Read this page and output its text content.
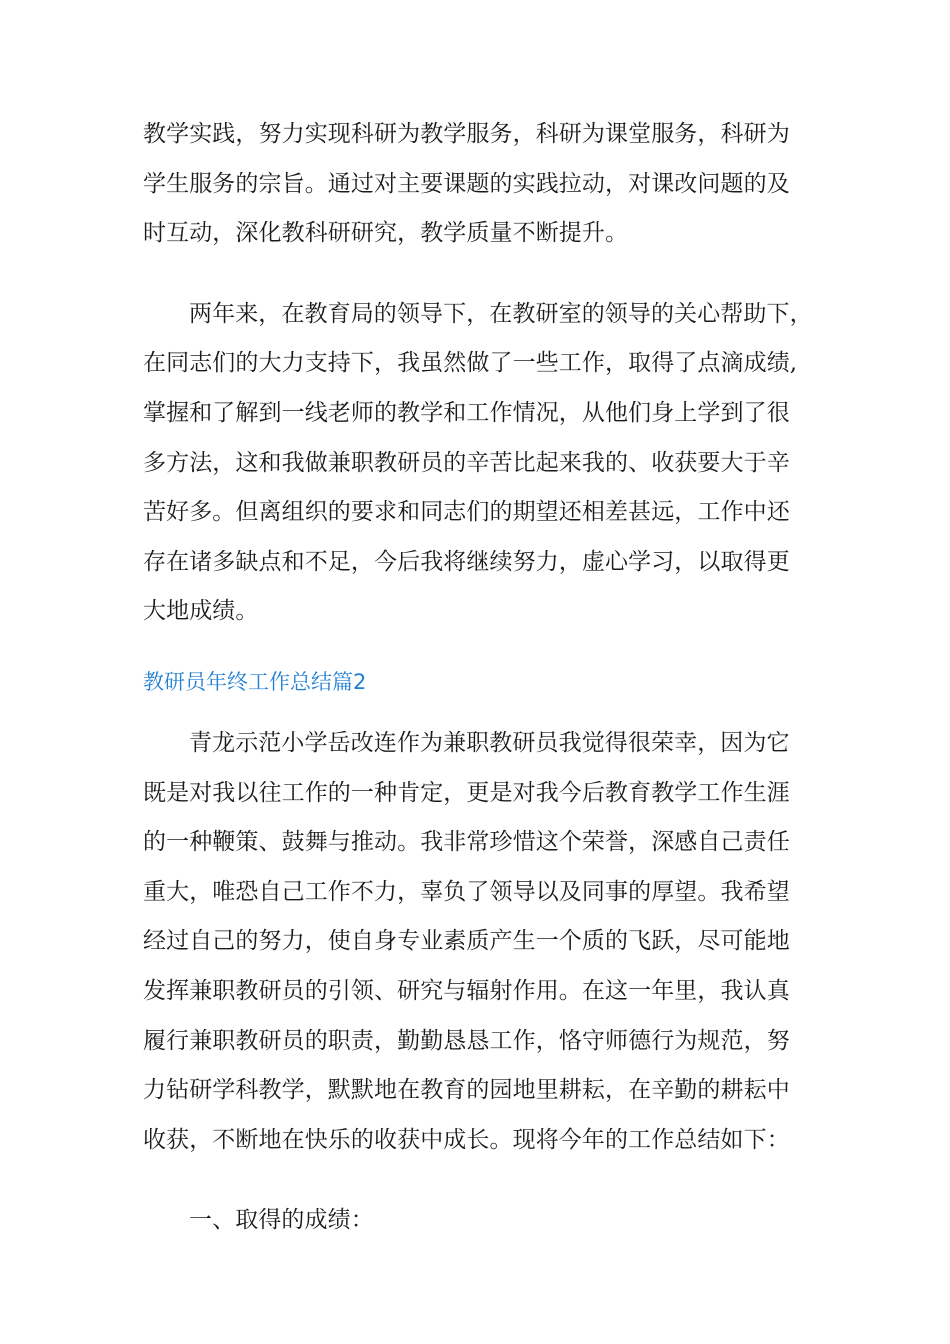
教学实践，努力实现科研为教学服务，科研为课堂服务，科研为
学生服务的宗旨。通过对主要课题的实践拉动，对课改问题的及
时互动，深化教科研研究，教学质量不断提升。

两年来，在教育局的领导下，在教研室的领导的关心帮助下，
在同志们的大力支持下，我虽然做了一些工作，取得了点滴成绩,
掌握和了解到一线老师的教学和工作情况，从他们身上学到了很
多方法，这和我做兼职教研员的辛苦比起来我的、收获要大于辛
苦好多。但离组织的要求和同志们的期望还相差甚远，工作中还
存在诸多缺点和不足，今后我将继续努力，虚心学习，以取得更
大地成绩。

教研员年终工作总结篇2

青龙示范小学岳改连作为兼职教研员我觉得很荣幸，因为它
既是对我以往工作的一种肯定，更是对我今后教育教学工作生涯
的一种鞭策、鼓舞与推动。我非常珍惜这个荣誉，深感自己责任
重大，唯恐自己工作不力，辜负了领导以及同事的厚望。我希望
经过自己的努力，使自身专业素质产生一个质的飞跃，尽可能地
发挥兼职教研员的引领、研究与辐射作用。在这一年里，我认真
履行兼职教研员的职责，勤勤恳恳工作，恪守师德行为规范，努
力钻研学科教学，默默地在教育的园地里耕耘，在辛勤的耕耘中
收获，不断地在快乐的收获中成长。现将今年的工作总结如下：

一、取得的成绩：
